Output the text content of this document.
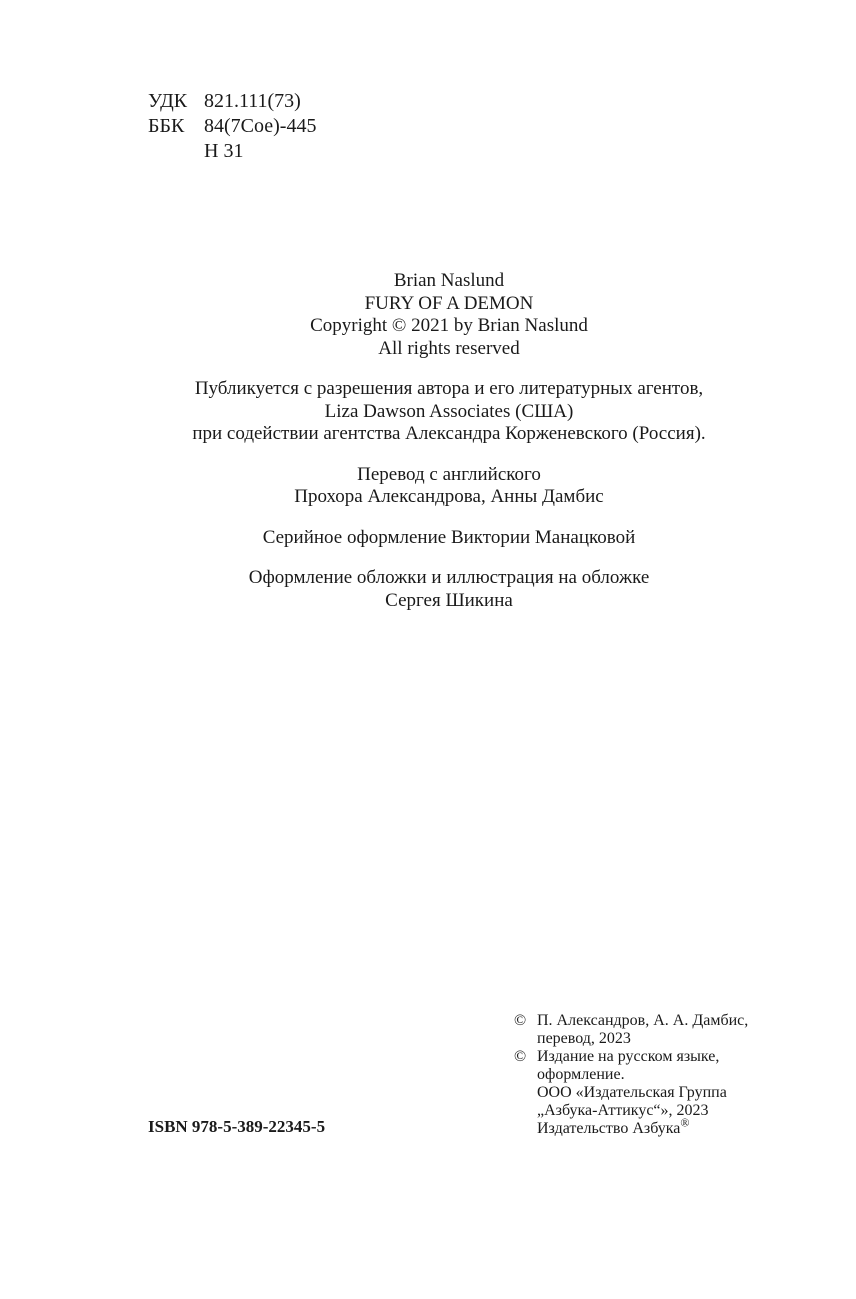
УДК 821.111(73)
ББК 84(7Сое)-445
Н 31
Brian Naslund
FURY OF A DEMON
Copyright © 2021 by Brian Naslund
All rights reserved
Публикуется с разрешения автора и его литературных агентов,
Liza Dawson Associates (США)
при содействии агентства Александра Корженевского (Россия).
Перевод с английского
Прохора Александрова, Анны Дамбис
Серийное оформление Виктории Манацковой
Оформление обложки и иллюстрация на обложке
Сергея Шикина
ISBN 978-5-389-22345-5
© П. Александров, А. А. Дамбис,
перевод, 2023
© Издание на русском языке,
оформление.
ООО «Издательская Группа
„Азбука-Аттикус“», 2023
Издательство Азбука®
